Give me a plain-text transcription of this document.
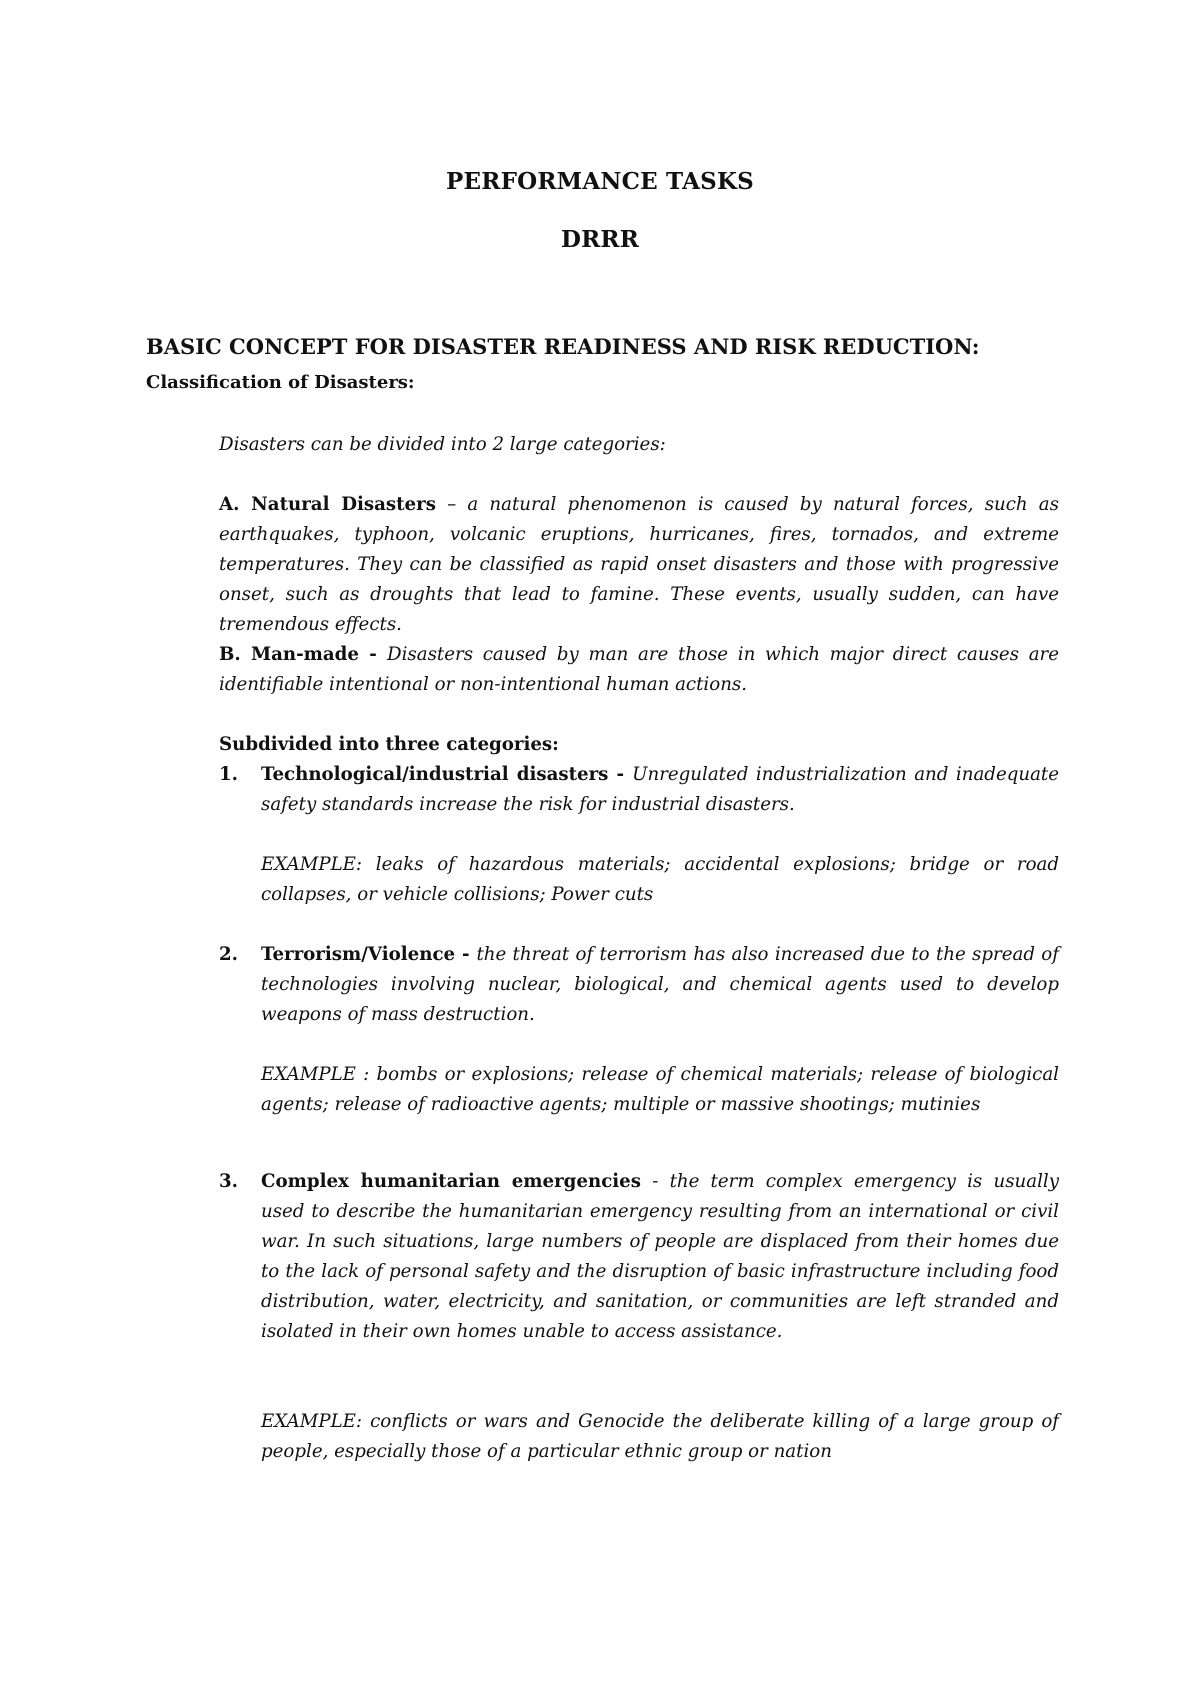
PERFORMANCE TASKS
DRRR
BASIC CONCEPT FOR DISASTER READINESS AND RISK REDUCTION:
Classification of Disasters:
Disasters can be divided into 2 large categories:
A. Natural Disasters – a natural phenomenon is caused by natural forces, such as earthquakes, typhoon, volcanic eruptions, hurricanes, fires, tornados, and extreme temperatures. They can be classified as rapid onset disasters and those with progressive onset, such as droughts that lead to famine. These events, usually sudden, can have tremendous effects.
B. Man-made - Disasters caused by man are those in which major direct causes are identifiable intentional or non-intentional human actions.
Subdivided into three categories:
1.	Technological/industrial disasters - Unregulated industrialization and inadequate safety standards increase the risk for industrial disasters.
EXAMPLE: leaks of hazardous materials; accidental explosions; bridge or road collapses, or vehicle collisions; Power cuts
2.	Terrorism/Violence - the threat of terrorism has also increased due to the spread of technologies involving nuclear, biological, and chemical agents used to develop weapons of mass destruction.
EXAMPLE : bombs or explosions; release of chemical materials; release of biological agents; release of radioactive agents; multiple or massive shootings; mutinies
3.	Complex humanitarian emergencies - the term complex emergency is usually used to describe the humanitarian emergency resulting from an international or civil war. In such situations, large numbers of people are displaced from their homes due to the lack of personal safety and the disruption of basic infrastructure including food distribution, water, electricity, and sanitation, or communities are left stranded and isolated in their own homes unable to access assistance.
EXAMPLE: conflicts or wars and Genocide the deliberate killing of a large group of people, especially those of a particular ethnic group or nation
